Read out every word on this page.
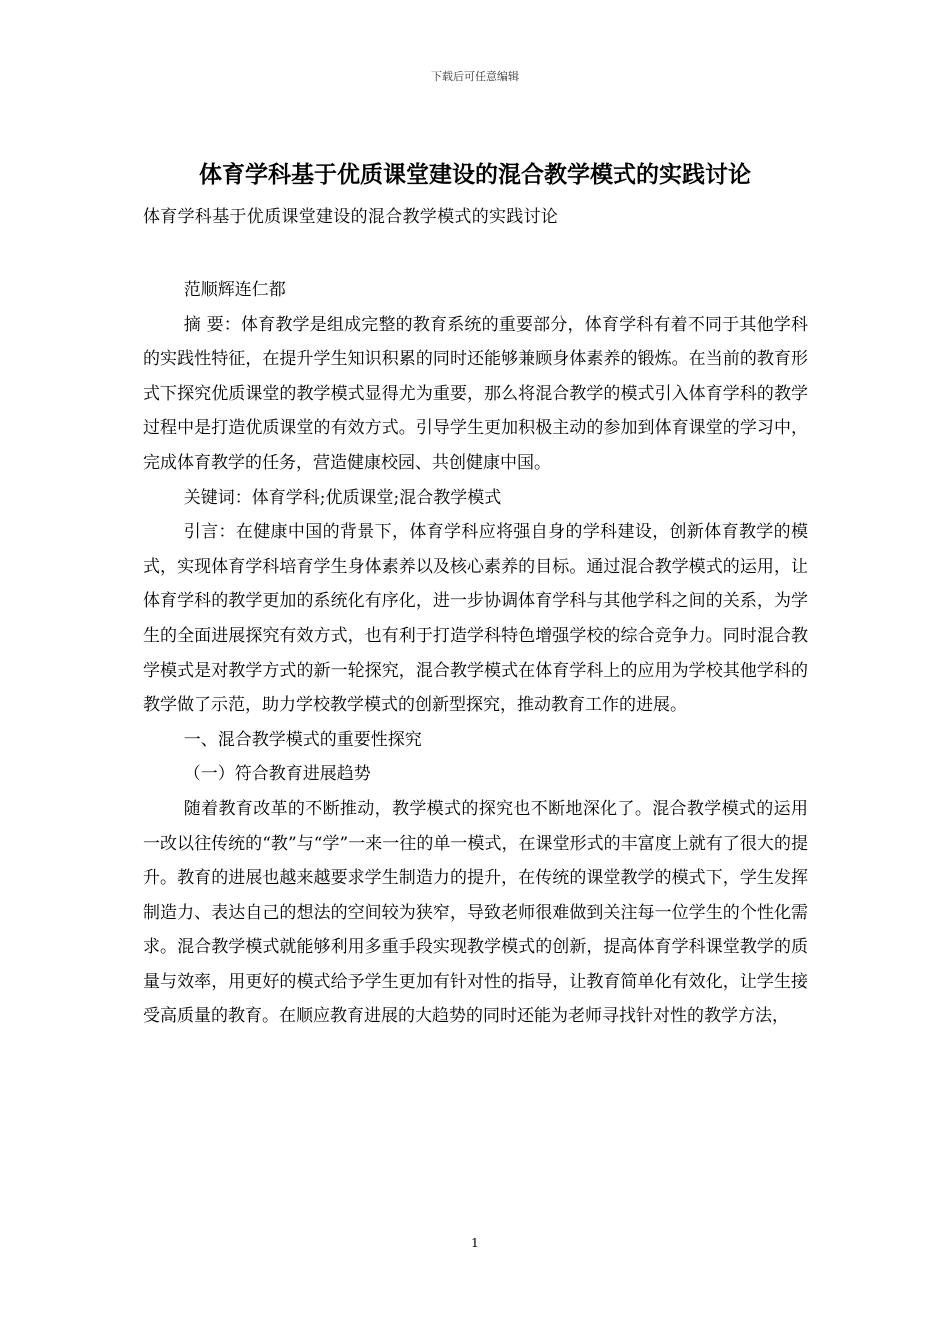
下载后可任意编辑
体育学科基于优质课堂建设的混合教学模式的实践讨论
体育学科基于优质课堂建设的混合教学模式的实践讨论

范顺辉连仁都

摘 要：体育教学是组成完整的教育系统的重要部分，体育学科有着不同于其他学科的实践性特征，在提升学生知识积累的同时还能够兼顾身体素养的锻炼。在当前的教育形式下探究优质课堂的教学模式显得尤为重要，那么将混合教学的模式引入体育学科的教学过程中是打造优质课堂的有效方式。引导学生更加积极主动的参加到体育课堂的学习中，完成体育教学的任务，营造健康校园、共创健康中国。

关键词：体育学科;优质课堂;混合教学模式

引言：在健康中国的背景下，体育学科应将强自身的学科建设，创新体育教学的模式，实现体育学科培育学生身体素养以及核心素养的目标。通过混合教学模式的运用，让体育学科的教学更加的系统化有序化，进一步协调体育学科与其他学科之间的关系，为学生的全面进展探究有效方式，也有利于打造学科特色增强学校的综合竞争力。同时混合教学模式是对教学方式的新一轮探究，混合教学模式在体育学科上的应用为学校其他学科的教学做了示范，助力学校教学模式的创新型探究，推动教育工作的进展。

一、混合教学模式的重要性探究

（一）符合教育进展趋势

随着教育改革的不断推动，教学模式的探究也不断地深化了。混合教学模式的运用一改以往传统的“教”与“学”一来一往的单一模式，在课堂形式的丰富度上就有了很大的提升。教育的进展也越来越要求学生制造力的提升，在传统的课堂教学的模式下，学生发挥制造力、表达自己的想法的空间较为狭窄，导致老师很难做到关注每一位学生的个性化需求。混合教学模式就能够利用多重手段实现教学模式的创新，提高体育学科课堂教学的质量与效率，用更好的模式给予学生更加有针对性的指导，让教育简单化有效化，让学生接受高质量的教育。在顺应教育进展的大趋势的同时还能为老师寻找针对性的教学方法，

1
